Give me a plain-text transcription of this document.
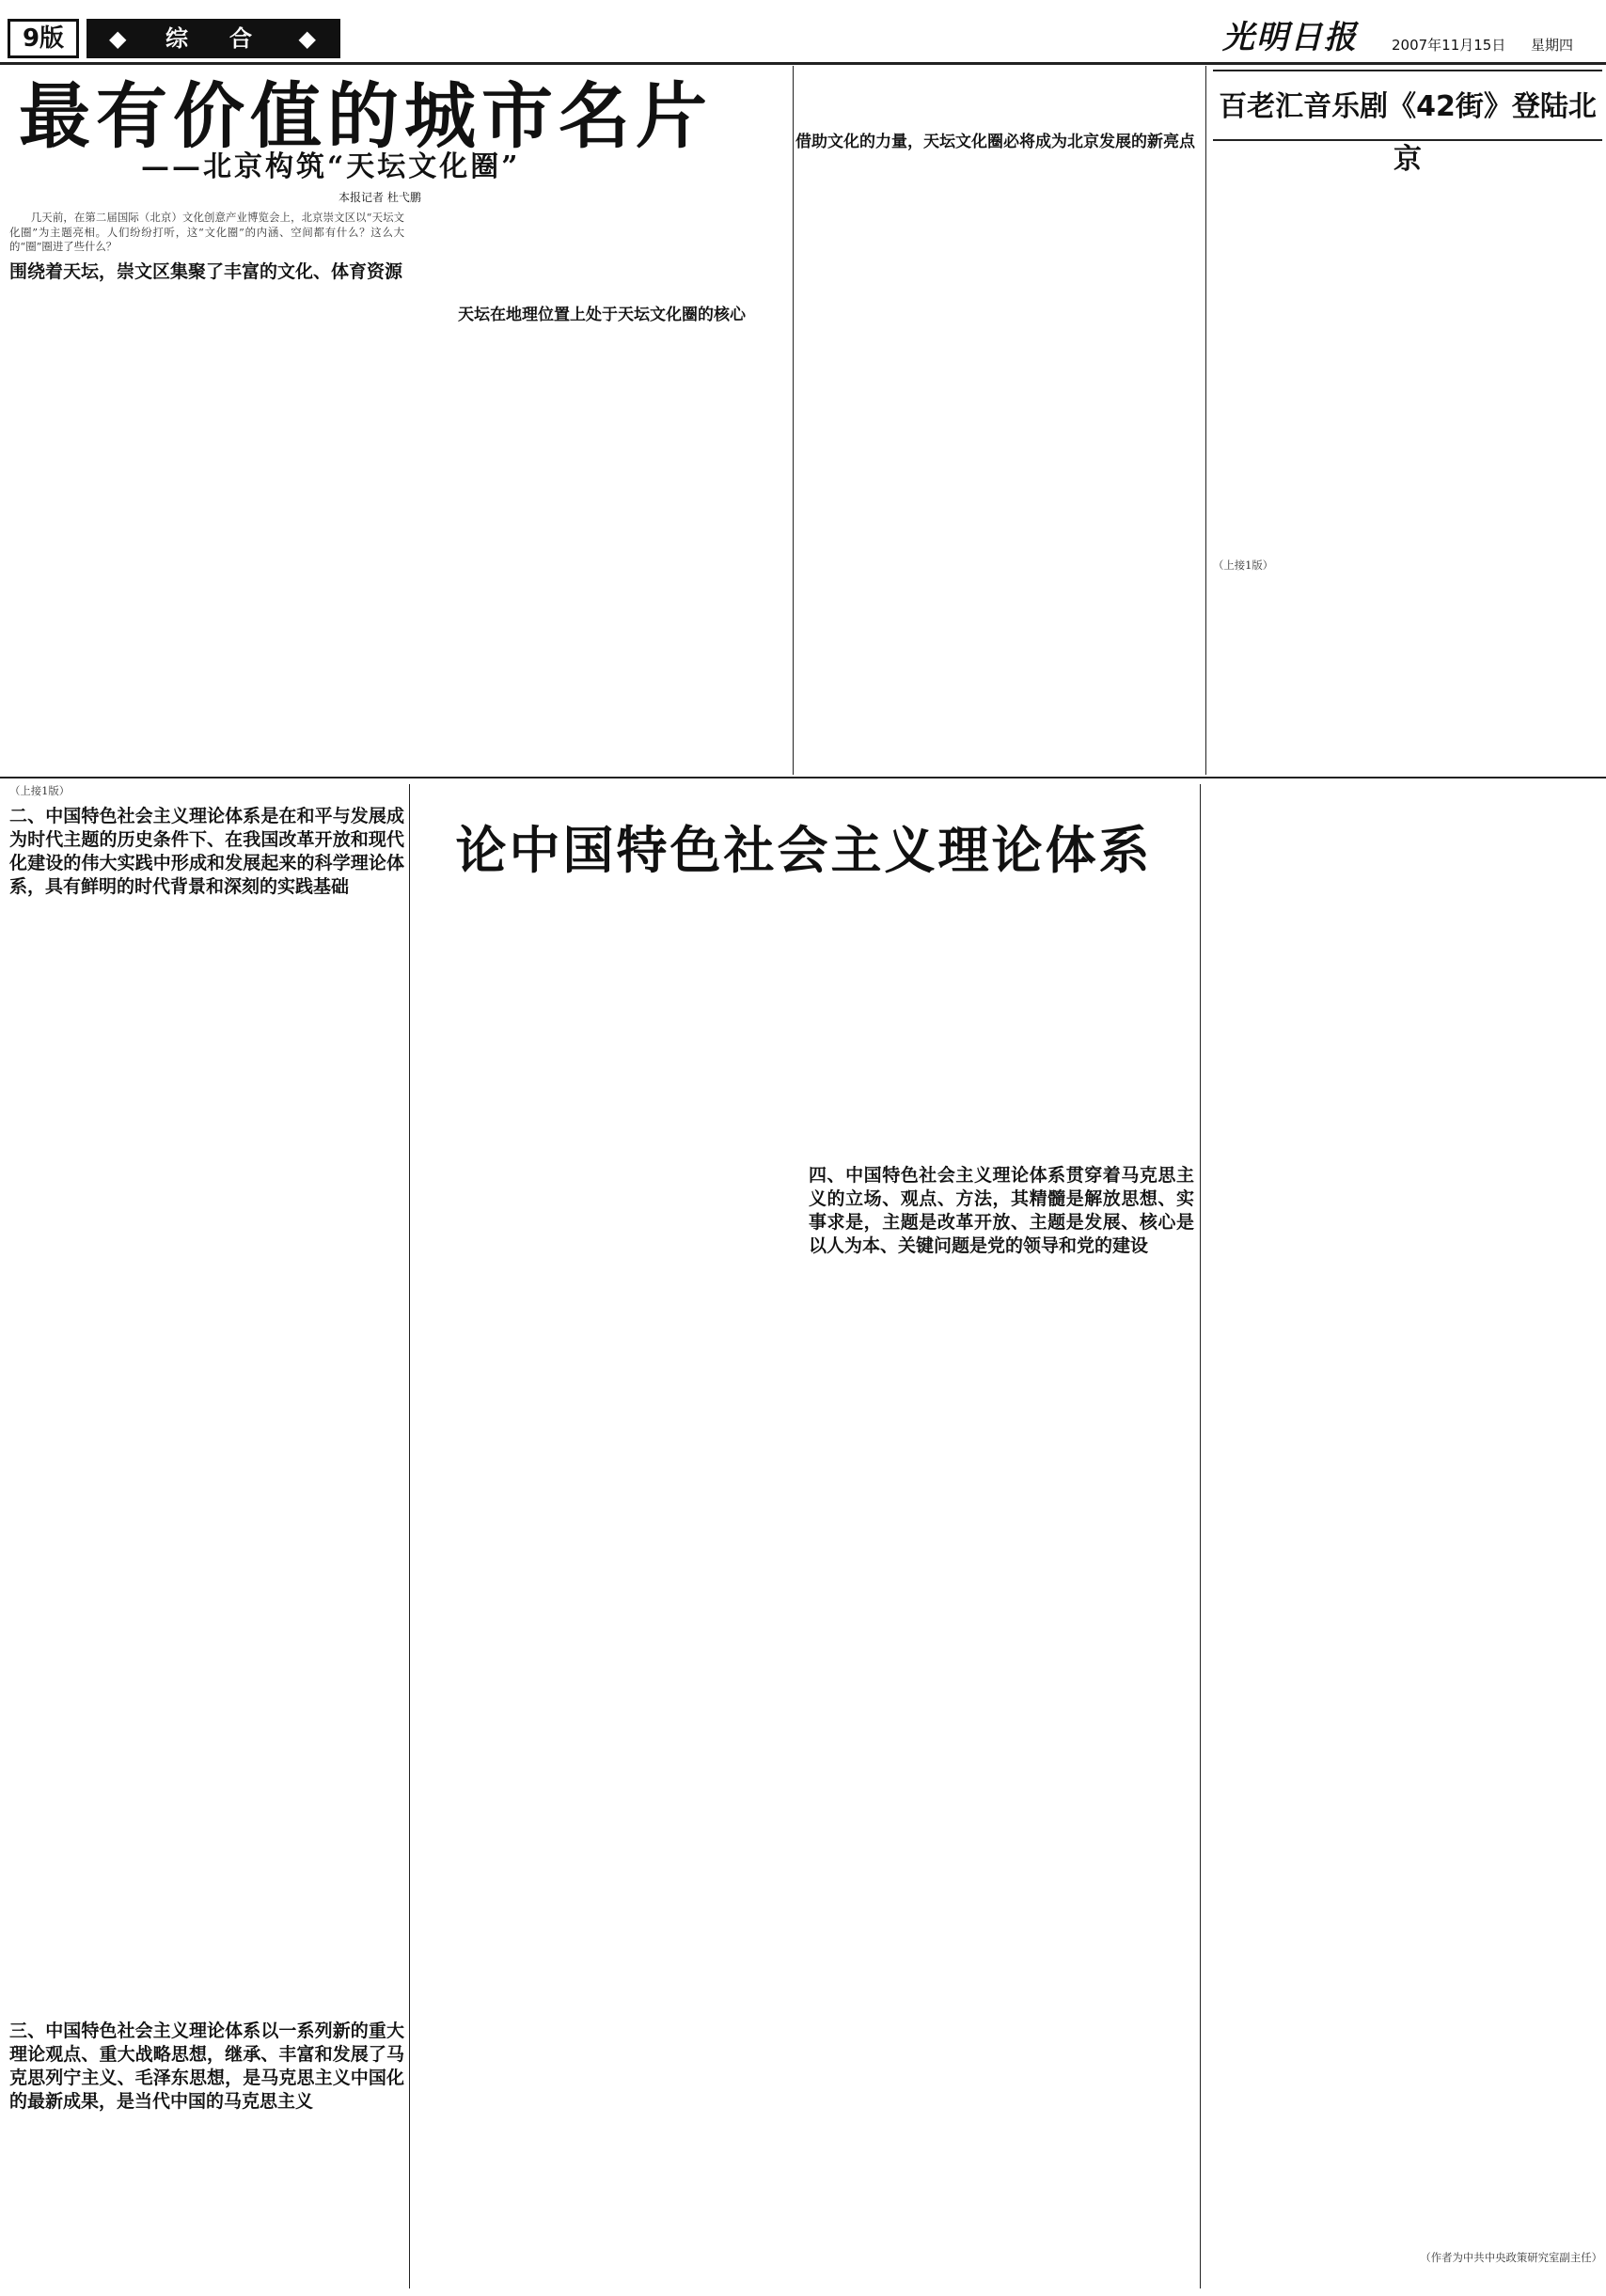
9版	◆ 综　合 ◆	光明日报	2007年11月15日	星期四
最有价值的城市名片
——北京构筑“天坛文化圈”
本报记者 杜弋鹏

几天前，在第二届国际（北京）文化创意产业博览会上，北京崇文区以“天坛文化圈”为主题亮相。人们纷纷打听，这“文化圈”的内涵、空间都有什么？这么大的“圈”圈进了些什么？

围绕着天坛，崇文区集聚了丰富的文化、体育资源
天坛在地理位置上处于天坛文化圈的核心
借助文化的力量，天坛文化圈必将成为北京发展的新亮点
百老汇音乐剧《42街》登陆北京

（上接1版）

（上接1版）

二、中国特色社会主义理论体系是在和平与发展成为时代主题的历史条件下、在我国改革开放和现代化建设的伟大实践中形成和发展起来的科学理论体系，具有鲜明的时代背景和深刻的实践基础
三、中国特色社会主义理论体系以一系列新的重大理论观点、重大战略思想，继承、丰富和发展了马克思列宁主义、毛泽东思想，是马克思主义中国化的最新成果，是当代中国的马克思主义
论中国特色社会主义理论体系
四、中国特色社会主义理论体系贯穿着马克思主义的立场、观点、方法，其精髓是解放思想、实事求是，主题是改革开放、主题是发展、核心是以人为本、关键问题是党的领导和党的建设

（作者为中共中央政策研究室副主任）
